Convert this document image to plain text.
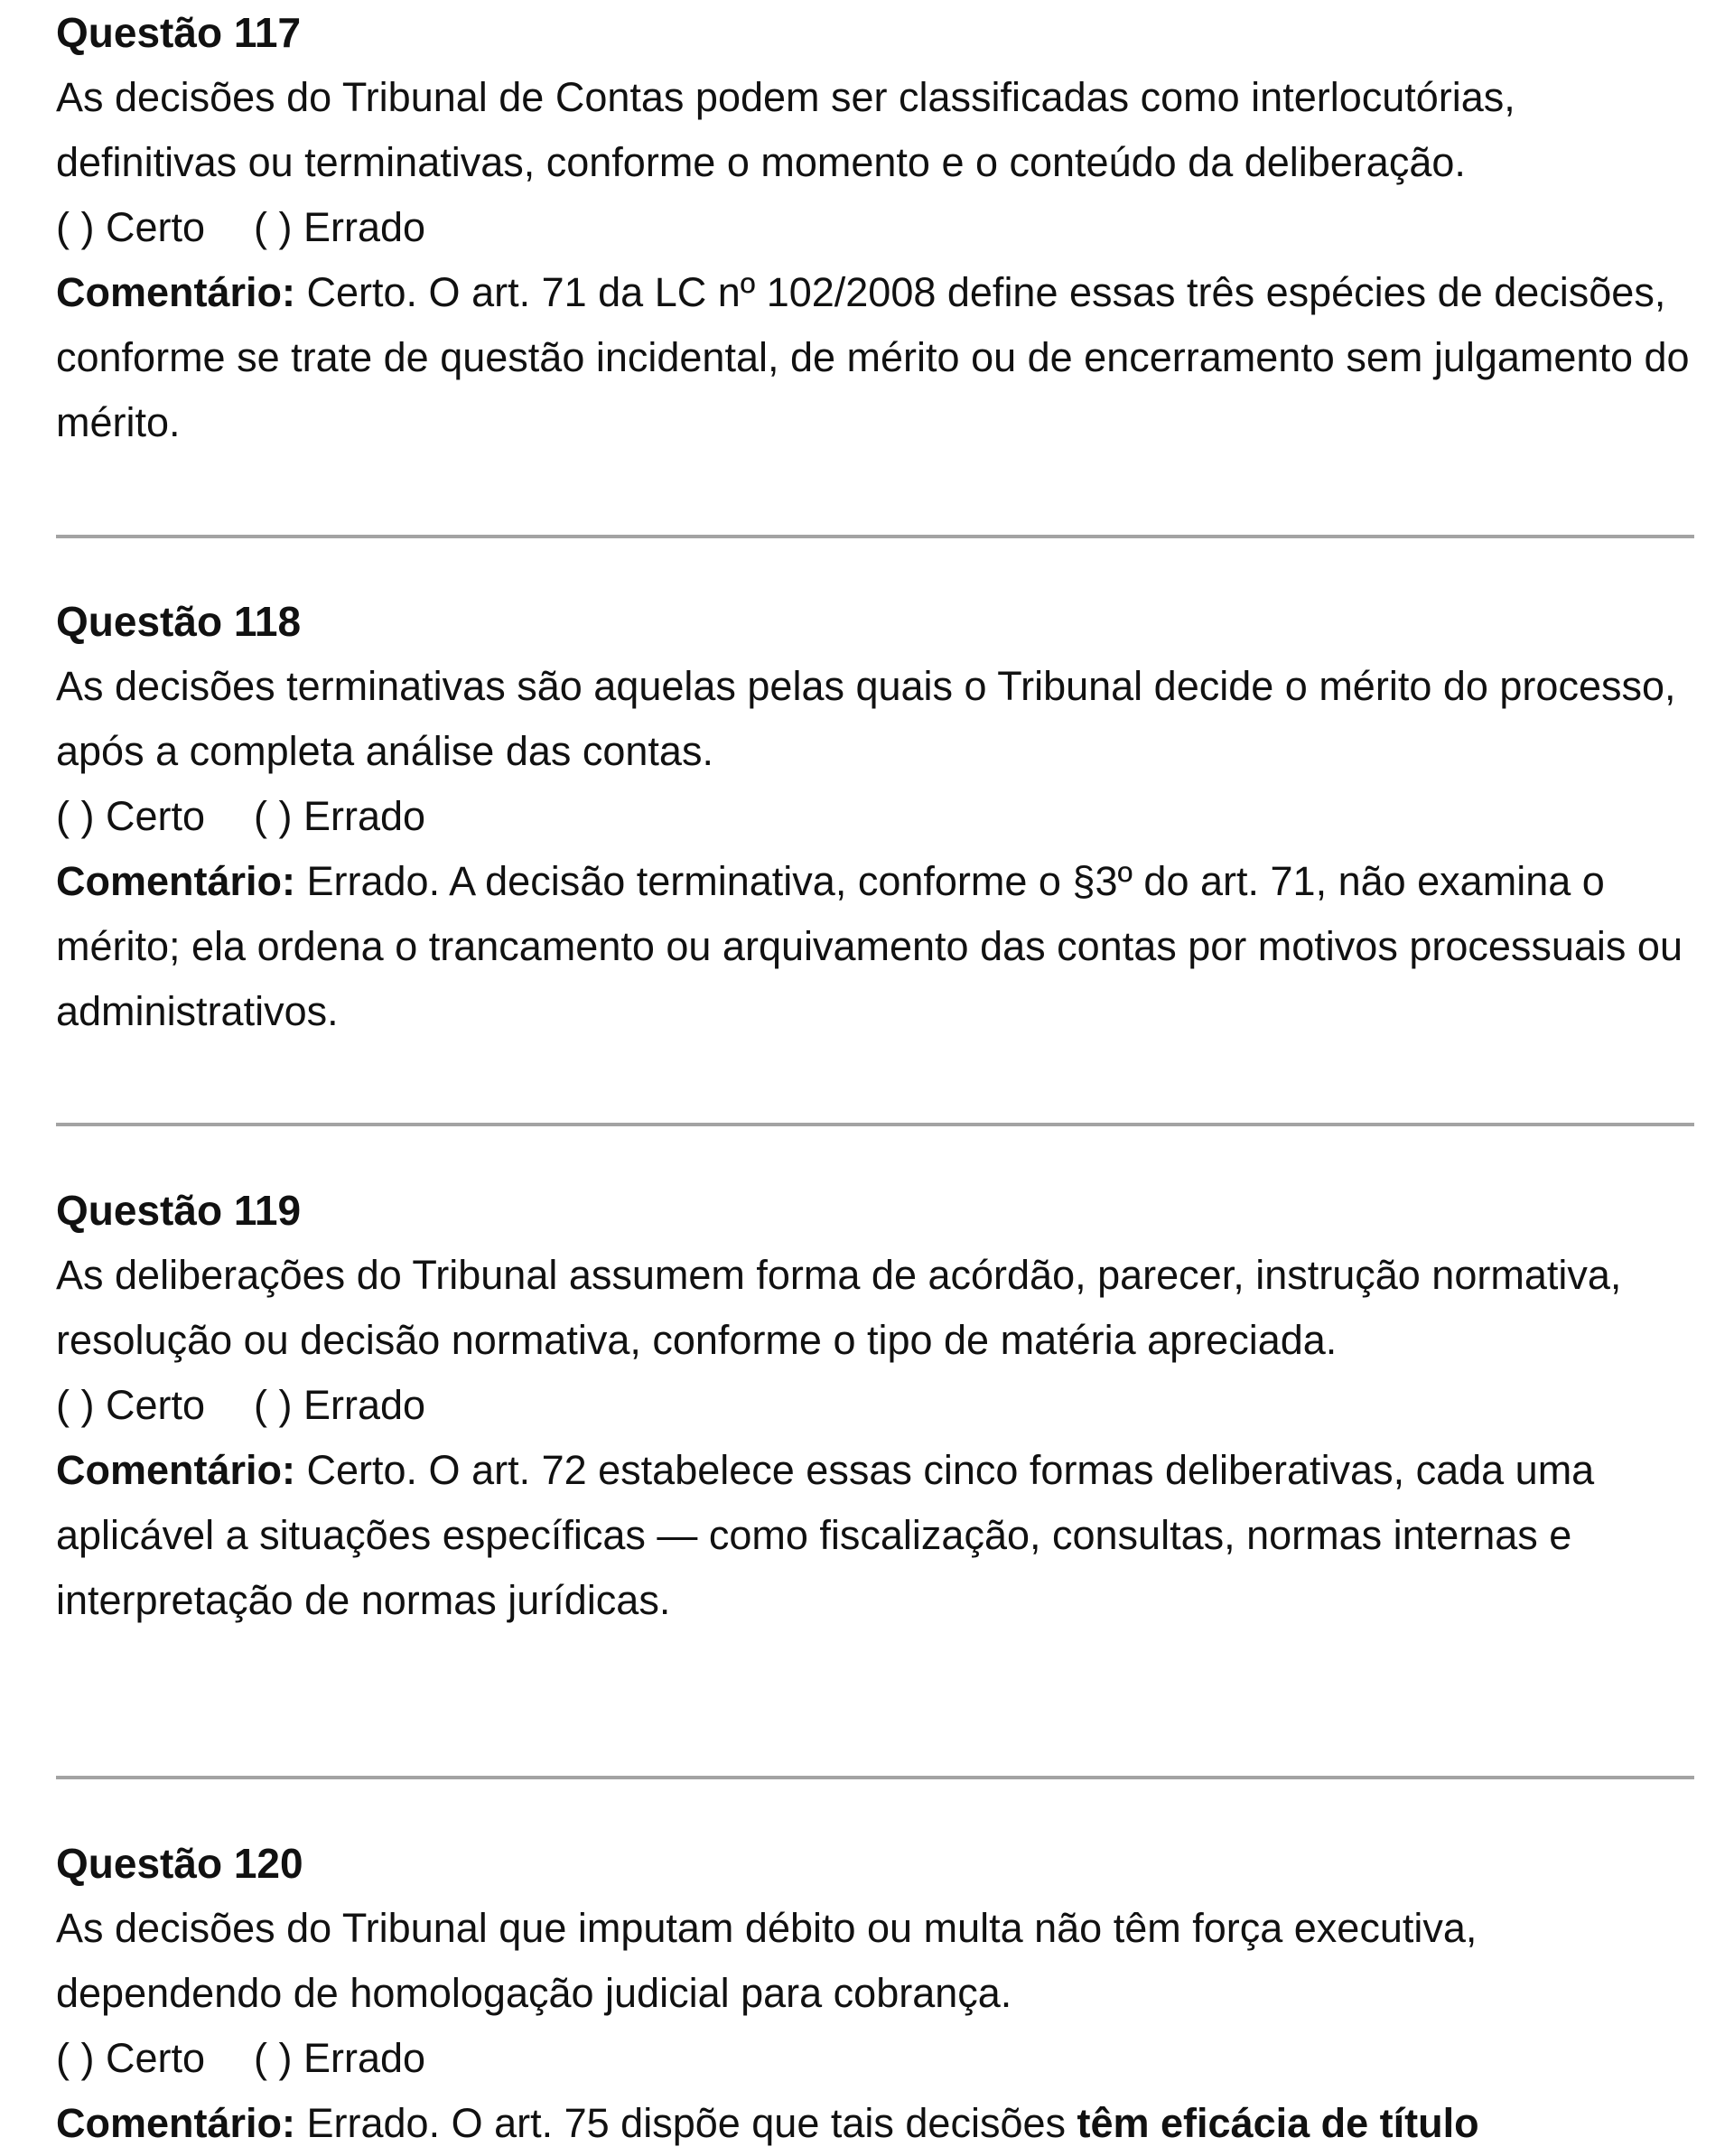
Questão 117

As decisões do Tribunal de Contas podem ser classificadas como interlocutórias, definitivas ou terminativas, conforme o momento e o conteúdo da deliberação.

( ) Certo ( ) Errado

Comentário: Certo. O art. 71 da LC nº 102/2008 define essas três espécies de decisões, conforme se trate de questão incidental, de mérito ou de encerramento sem julgamento do mérito.

Questão 118

As decisões terminativas são aquelas pelas quais o Tribunal decide o mérito do processo, após a completa análise das contas.

( ) Certo ( ) Errado

Comentário: Errado. A decisão terminativa, conforme o §3º do art. 71, não examina o mérito; ela ordena o trancamento ou arquivamento das contas por motivos processuais ou administrativos.

Questão 119

As deliberações do Tribunal assumem forma de acórdão, parecer, instrução normativa, resolução ou decisão normativa, conforme o tipo de matéria apreciada.

( ) Certo ( ) Errado

Comentário: Certo. O art. 72 estabelece essas cinco formas deliberativas, cada uma aplicável a situações específicas — como fiscalização, consultas, normas internas e interpretação de normas jurídicas.

Questão 120

As decisões do Tribunal que imputam débito ou multa não têm força executiva, dependendo de homologação judicial para cobrança.

( ) Certo ( ) Errado

Comentário: Errado. O art. 75 dispõe que tais decisões têm eficácia de título
